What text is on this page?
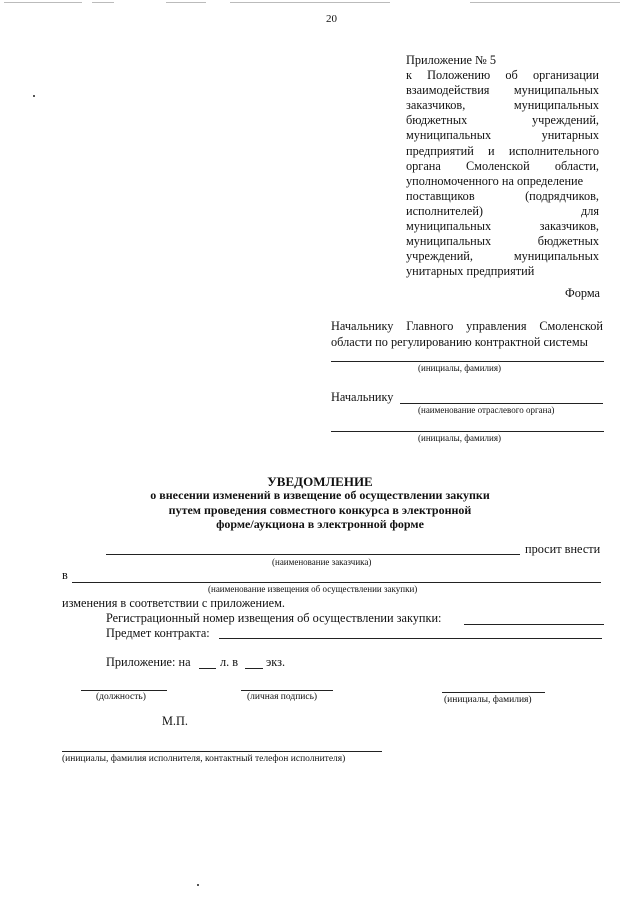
20
Приложение № 5
к Положению об организации
взаимодействия муниципальных
заказчиков,	муниципальных
бюджетных	учреждений,
муниципальных	унитарных
предприятий и исполнительного
органа Смоленской области,
уполномоченного на определение
поставщиков	(подрядчиков,
исполнителей)	для
муниципальных	заказчиков,
муниципальных	бюджетных
учреждений,	муниципальных
унитарных предприятий
Форма
Начальнику Главного управления Смоленской
области по регулированию контрактной системы
(инициалы, фамилия)
Начальнику
(наименование отраслевого органа)
(инициалы, фамилия)
УВЕДОМЛЕНИЕ
о внесении изменений в извещение об осуществлении закупки
путем проведения совместного конкурса в электронной
форме/аукциона в электронной форме
просит внести
(наименование заказчика)
в
(наименование извещения об осуществлении закупки)
изменения в соответствии с приложением.
Регистрационный номер извещения об осуществлении закупки:
Предмет контракта:
Приложение: на л. в экз.
(должность)	(личная подпись)	(инициалы, фамилия)
М.П.
(инициалы, фамилия исполнителя, контактный телефон исполнителя)
